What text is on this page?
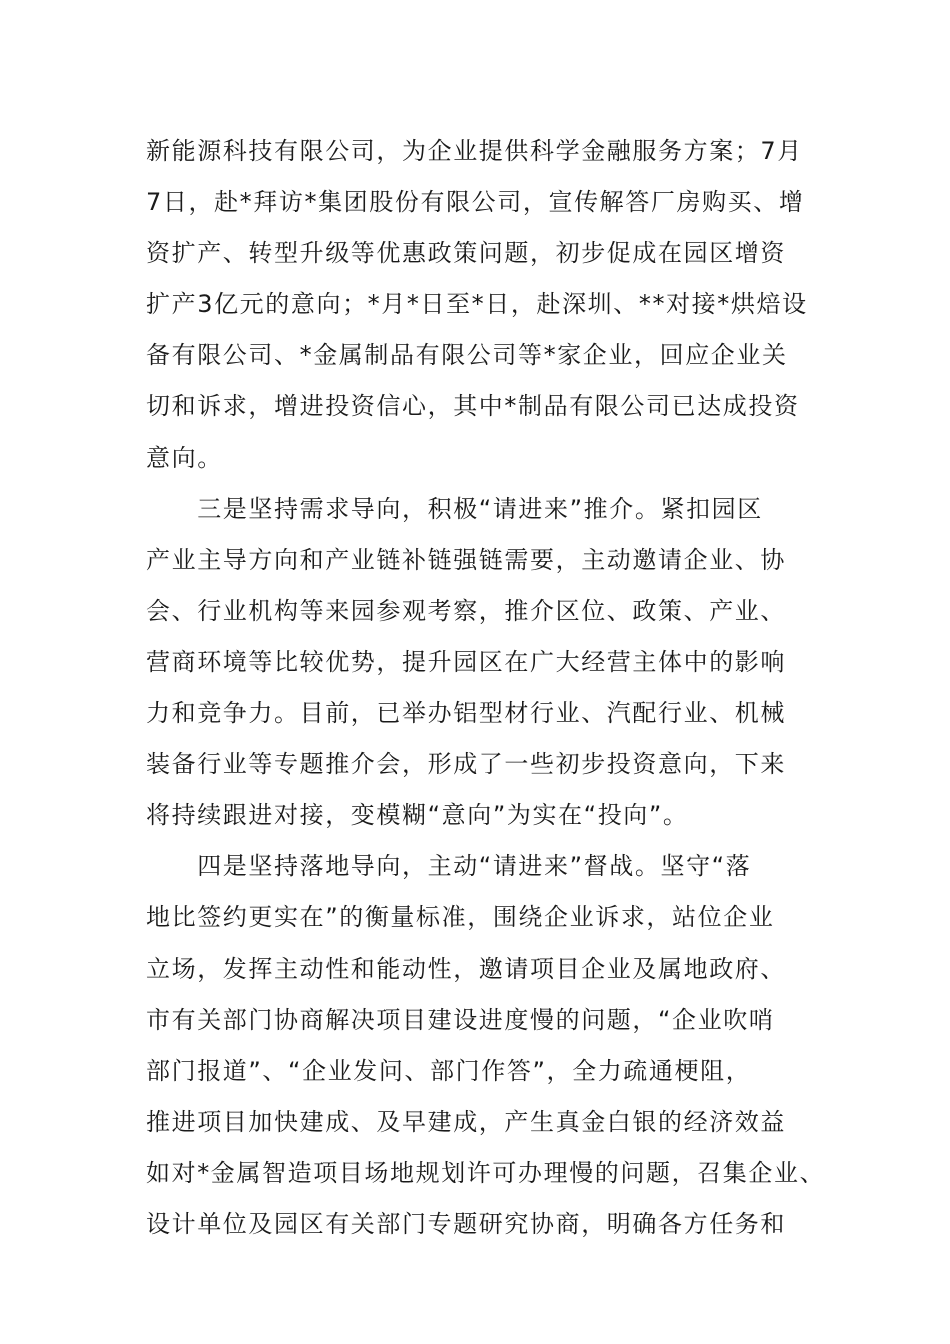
新能源科技有限公司，为企业提供科学金融服务方案；7月
7日，赴*拜访*集团股份有限公司，宣传解答厂房购买、增
资扩产、转型升级等优惠政策问题，初步促成在园区增资
扩产3亿元的意向；*月*日至*日，赴深圳、**对接*烘焙设
备有限公司、*金属制品有限公司等*家企业，回应企业关
切和诉求，增进投资信心，其中*制品有限公司已达成投资
意向。
　　三是坚持需求导向，积极“请进来”推介。紧扣园区
产业主导方向和产业链补链强链需要，主动邀请企业、协
会、行业机构等来园参观考察，推介区位、政策、产业、
营商环境等比较优势，提升园区在广大经营主体中的影响
力和竞争力。目前，已举办铝型材行业、汽配行业、机械
装备行业等专题推介会，形成了一些初步投资意向，下来
将持续跟进对接，变模糊“意向”为实在“投向”。
　　四是坚持落地导向，主动“请进来”督战。坚守“落
地比签约更实在”的衡量标准，围绕企业诉求，站位企业
立场，发挥主动性和能动性，邀请项目企业及属地政府、
市有关部门协商解决项目建设进度慢的问题，“企业吹哨
部门报道”、“企业发问、部门作答”，全力疏通梗阻，
推进项目加快建成、及早建成，产生真金白银的经济效益
如对*金属智造项目场地规划许可办理慢的问题，召集企业、
设计单位及园区有关部门专题研究协商，明确各方任务和
